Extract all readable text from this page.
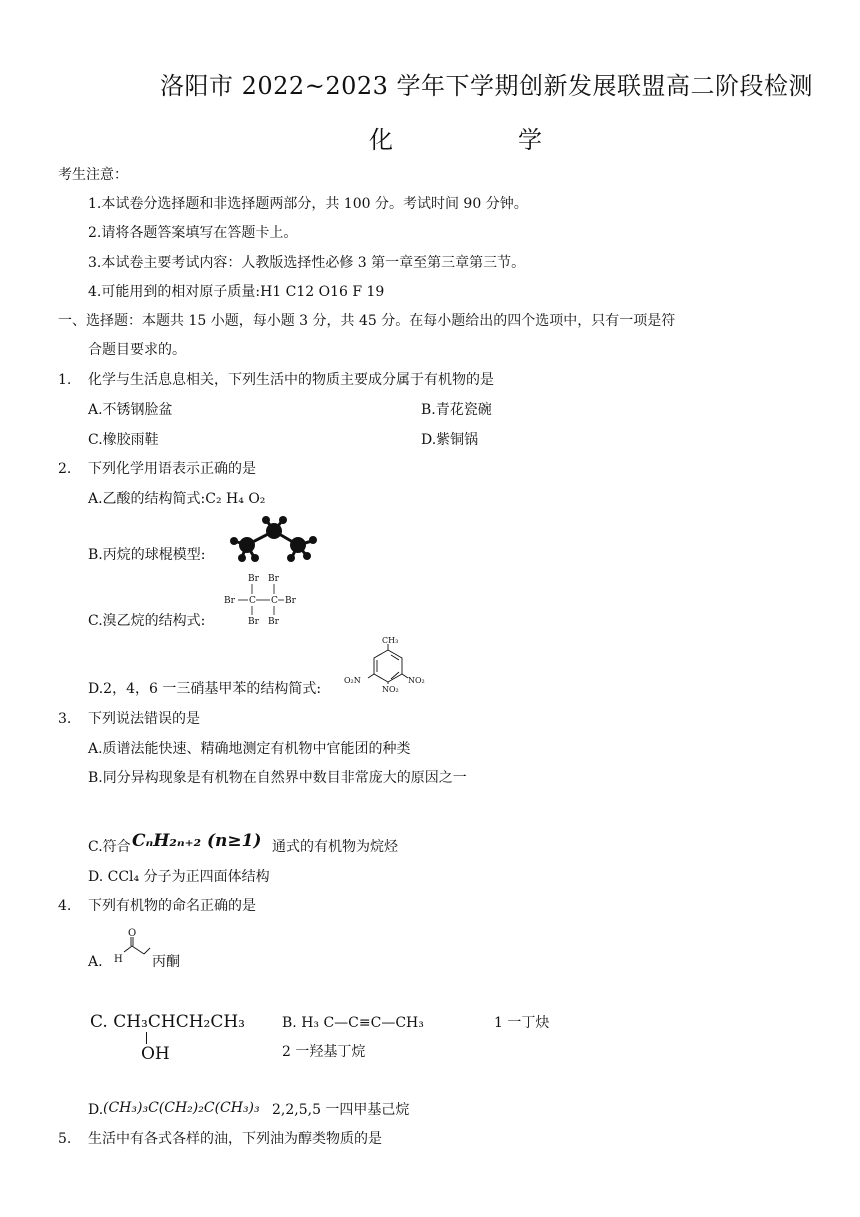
洛阳市 2022~2023 学年下学期创新发展联盟高二阶段检测
化	学
考生注意：
1.本试卷分选择题和非选择题两部分，共 100 分。考试时间 90 分钟。
2.请将各题答案填写在答题卡上。
3.本试卷主要考试内容：人教版选择性必修 3 第一章至第三章第三节。
4.可能用到的相对原子质量:H1 C12 O16 F 19
一、选择题：本题共 15 小题，每小题 3 分，共 45 分。在每小题给出的四个选项中，只有一项是符
合题目要求的。
1. 化学与生活息息相关，下列生活中的物质主要成分属于有机物的是
A.不锈钢脸盆	B.青花瓷碗
C.橡胶雨鞋	D.紫铜锅
2. 下列化学用语表示正确的是
A.乙酸的结构简式:C₂ H₄ O₂
B.丙烷的球棍模型:
C.溴乙烷的结构式:
Br Br
Br C C Br
Br Br
D.2，4，6 一三硝基甲苯的结构简式:
CH₃
O₂N	NO₂
NO₂
3. 下列说法错误的是
A.质谱法能快速、精确地测定有机物中官能团的种类
B.同分异构现象是有机物在自然界中数目非常庞大的原因之一
C.符合 CₙH₂ₙ₊₂ (n≥1) 通式的有机物为烷烃
D. CCl₄ 分子为正四面体结构
4. 下列有机物的命名正确的是
A.
O
H 丙酮
C. CH₃CHCH₂CH₃
OH	2 一羟基丁烷
B. H₃ C—C≡C—CH₃	1 一丁炔
D. (CH₃)₃C(CH₂)₂C(CH₃)₃ 2,2,5,5 一四甲基己烷
5. 生活中有各式各样的油，下列油为醇类物质的是
